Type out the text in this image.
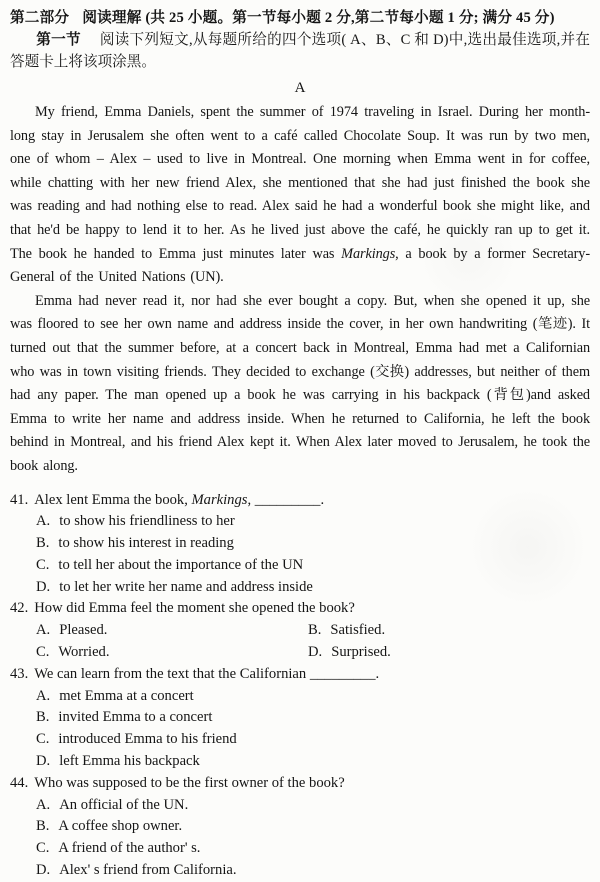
第二部分 阅读理解 (共 25 小题。第一节每小题 2 分,第二节每小题 1 分; 满分 45 分)

第一节 阅读下列短文,从每题所给的四个选项( A、B、C 和 D)中,选出最佳选项,并在答题卡上将该项涂黑。

A

My friend, Emma Daniels, spent the summer of 1974 traveling in Israel. During her month-long stay in Jerusalem she often went to a café called Chocolate Soup. It was run by two men, one of whom – Alex – used to live in Montreal. One morning when Emma went in for coffee, while chatting with her new friend Alex, she mentioned that she had just finished the book she was reading and had nothing else to read. Alex said he had a wonderful book she might like, and that he'd be happy to lend it to her. As he lived just above the café, he quickly ran up to get it. The book he handed to Emma just minutes later was Markings, a book by a former Secretary-General of the United Nations (UN).

Emma had never read it, nor had she ever bought a copy. But, when she opened it up, she was floored to see her own name and address inside the cover, in her own handwriting (笔迹). It turned out that the summer before, at a concert back in Montreal, Emma had met a Californian who was in town visiting friends. They decided to exchange (交换) addresses, but neither of them had any paper. The man opened up a book he was carrying in his backpack (背包)and asked Emma to write her name and address inside. When he returned to California, he left the book behind in Montreal, and his friend Alex kept it. When Alex later moved to Jerusalem, he took the book along.

41. Alex lent Emma the book, Markings, _________.

A. to show his friendliness to her

B. to show his interest in reading

C. to tell her about the importance of the UN

D. to let her write her name and address inside

42. How did Emma feel the moment she opened the book?

A. Pleased.	B. Satisfied.

C. Worried.	D. Surprised.

43. We can learn from the text that the Californian _________.

A. met Emma at a concert

B. invited Emma to a concert

C. introduced Emma to his friend

D. left Emma his backpack

44. Who was supposed to be the first owner of the book?

A. An official of the UN.

B. A coffee shop owner.

C. A friend of the author' s.

D. Alex' s friend from California.
